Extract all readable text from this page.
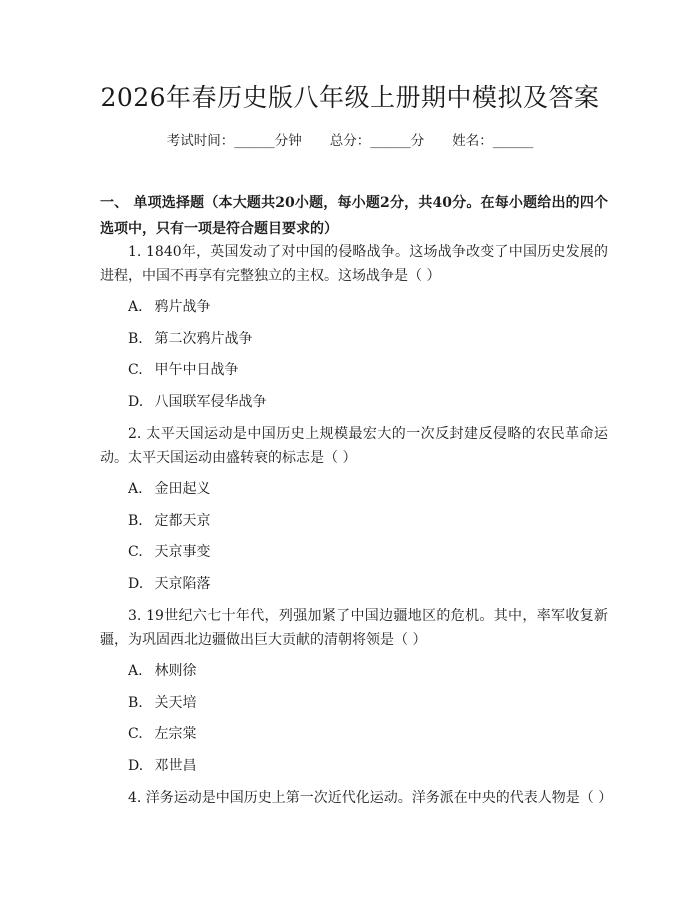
2026年春历史版八年级上册期中模拟及答案
考试时间：______分钟 总分：______分 姓名：______
一、 单项选择题（本大题共20小题，每小题2分，共40分。在每小题给出的四个选项中，只有一项是符合题目要求的）
1. 1840年，英国发动了对中国的侵略战争。这场战争改变了中国历史发展的进程，中国不再享有完整独立的主权。这场战争是（ ）
A. 鸦片战争
B. 第二次鸦片战争
C. 甲午中日战争
D. 八国联军侵华战争
2. 太平天国运动是中国历史上规模最宏大的一次反封建反侵略的农民革命运动。太平天国运动由盛转衰的标志是（ ）
A. 金田起义
B. 定都天京
C. 天京事变
D. 天京陷落
3. 19世纪六七十年代，列强加紧了中国边疆地区的危机。其中，率军收复新疆，为巩固西北边疆做出巨大贡献的清朝将领是（ ）
A. 林则徐
B. 关天培
C. 左宗棠
D. 邓世昌
4. 洋务运动是中国历史上第一次近代化运动。洋务派在中央的代表人物是（ ）
